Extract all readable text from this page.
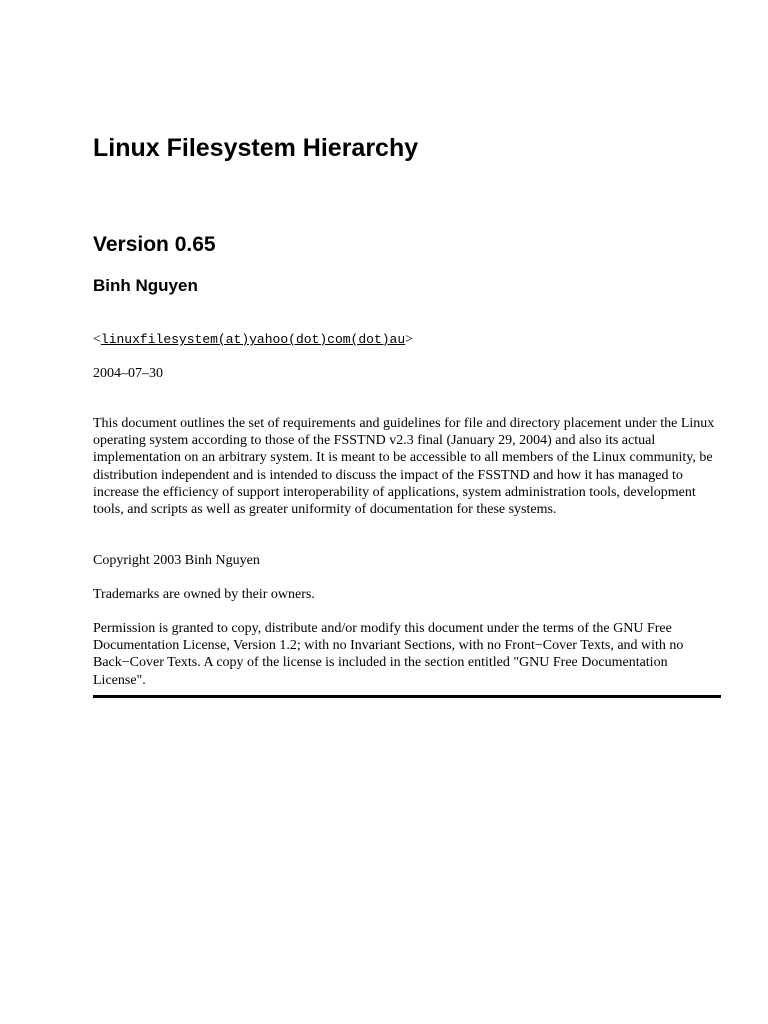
Linux Filesystem Hierarchy
Version 0.65
Binh Nguyen
<linuxfilesystem(at)yahoo(dot)com(dot)au>
2004–07–30

This document outlines the set of requirements and guidelines for file and directory placement under the Linux operating system according to those of the FSSTND v2.3 final (January 29, 2004) and also its actual implementation on an arbitrary system. It is meant to be accessible to all members of the Linux community, be distribution independent and is intended to discuss the impact of the FSSTND and how it has managed to increase the efficiency of support interoperability of applications, system administration tools, development tools, and scripts as well as greater uniformity of documentation for these systems.

Copyright 2003 Binh Nguyen

Trademarks are owned by their owners.

Permission is granted to copy, distribute and/or modify this document under the terms of the GNU Free Documentation License, Version 1.2; with no Invariant Sections, with no Front−Cover Texts, and with no Back−Cover Texts. A copy of the license is included in the section entitled "GNU Free Documentation License".
